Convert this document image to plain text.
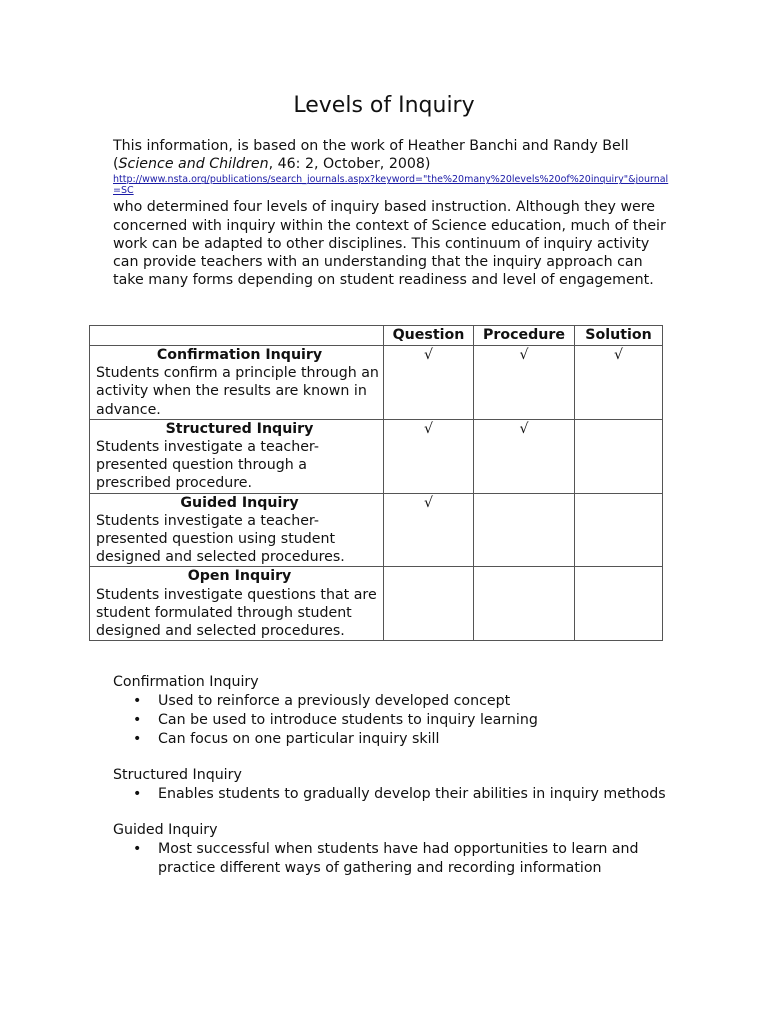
Levels of Inquiry

This information, is based on the work of Heather Banchi and Randy Bell

(Science and Children, 46: 2, October, 2008)

http://www.nsta.org/publications/search_journals.aspx?keyword="the%20many%20levels%20of%20inquiry"&journal=SC

who determined four levels of inquiry based instruction. Although they were concerned with inquiry within the context of Science education, much of their work can be adapted to other disciplines. This continuum of inquiry activity can provide teachers with an understanding that the inquiry approach can take many forms depending on student readiness and level of engagement.

	Question	Procedure	Solution

Confirmation Inquiry
Students confirm a principle through an activity when the results are known in advance.	√	√	√

Structured Inquiry
Students investigate a teacher-presented question through a prescribed procedure.	√	√	

Guided Inquiry
Students investigate a teacher-presented question using student designed and selected procedures.	√		

Open Inquiry
Students investigate questions that are student formulated through student designed and selected procedures.			

Confirmation Inquiry

• Used to reinforce a previously developed concept
• Can be used to introduce students to inquiry learning
• Can focus on one particular inquiry skill

Structured Inquiry

• Enables students to gradually develop their abilities in inquiry methods

Guided Inquiry

• Most successful when students have had opportunities to learn and practice different ways of gathering and recording information
